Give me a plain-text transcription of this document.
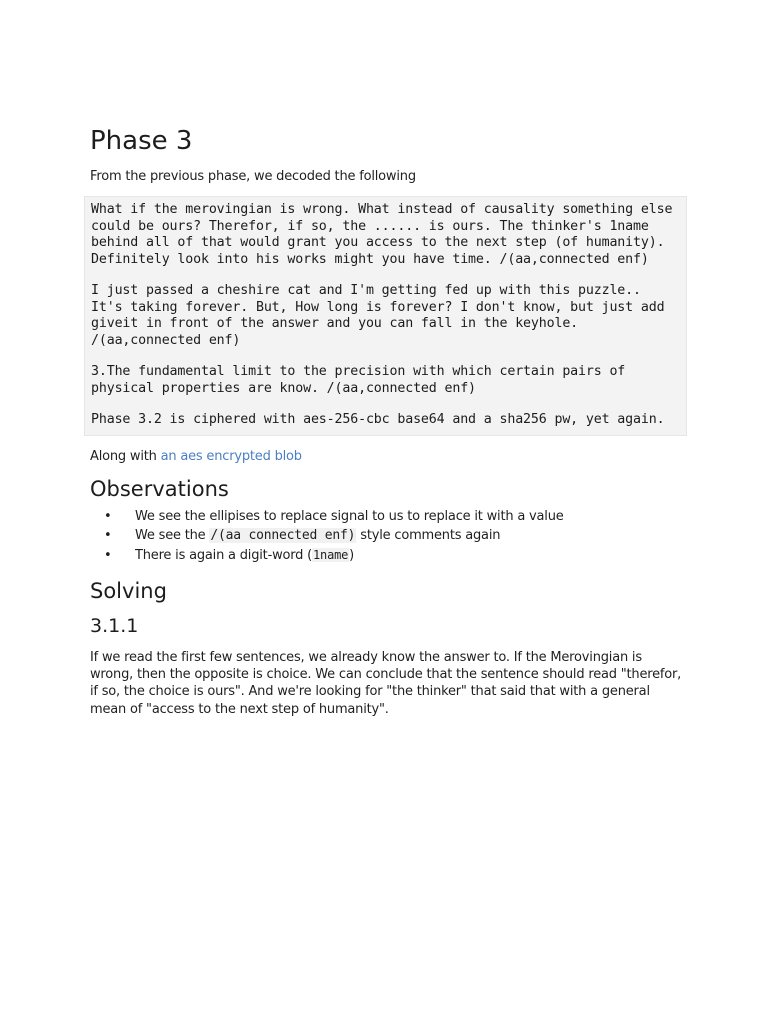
Phase 3

From the previous phase, we decoded the following

What if the merovingian is wrong. What instead of causality something else could be ours? Therefor, if so, the ...... is ours. The thinker's 1name behind all of that would grant you access to the next step (of humanity). Definitely look into his works might you have time. /(aa,connected enf)
I just passed a cheshire cat and I'm getting fed up with this puzzle.. It's taking forever. But, How long is forever? I don't know, but just add giveit in front of the answer and you can fall in the keyhole. /(aa,connected enf)
3.The fundamental limit to the precision with which certain pairs of physical properties are know. /(aa,connected enf)
Phase 3.2 is ciphered with aes-256-cbc base64 and a sha256 pw, yet again.

Along with an aes encrypted blob

Observations
• We see the ellipises to replace signal to us to replace it with a value
• We see the /(aa connected enf) style comments again
• There is again a digit-word (1name)
Solving
3.1.1

If we read the first few sentences, we already know the answer to. If the Merovingian is wrong, then the opposite is choice. We can conclude that the sentence should read "therefor, if so, the choice is ours". And we're looking for "the thinker" that said that with a general mean of "access to the next step of humanity".
